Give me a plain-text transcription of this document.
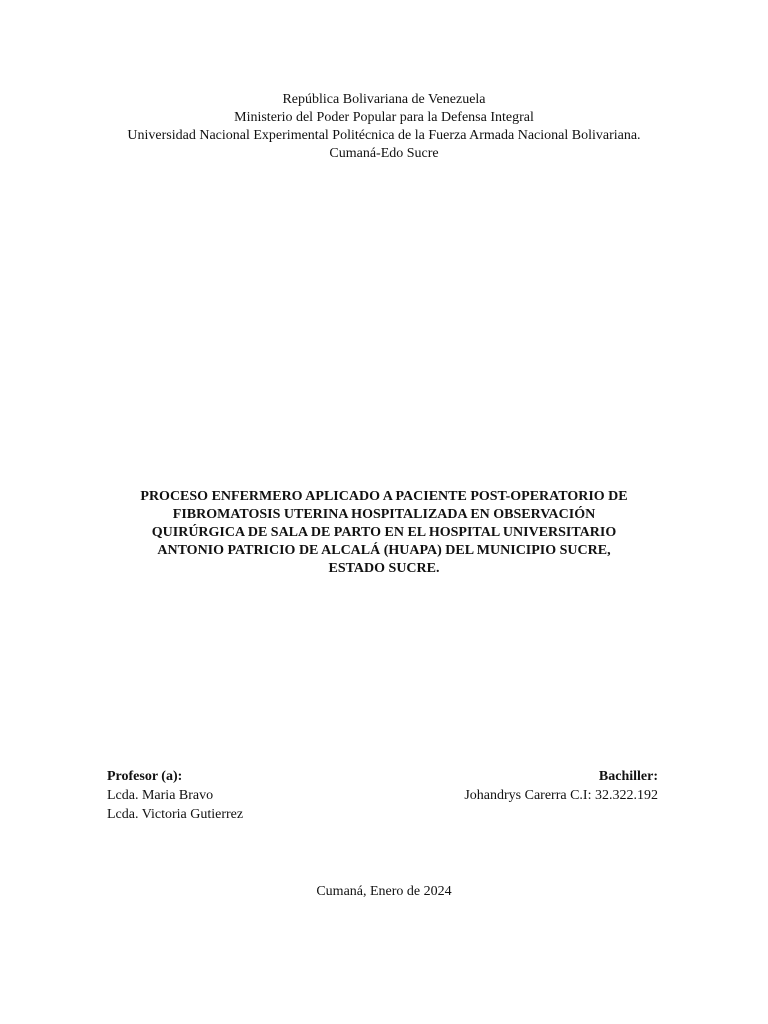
República Bolivariana de Venezuela
Ministerio del Poder Popular para la Defensa Integral
Universidad Nacional Experimental Politécnica de la Fuerza Armada Nacional Bolivariana.
Cumaná-Edo Sucre
PROCESO ENFERMERO APLICADO A PACIENTE POST-OPERATORIO DE
FIBROMATOSIS UTERINA HOSPITALIZADA EN OBSERVACIÓN
QUIRÚRGICA DE SALA DE PARTO EN EL HOSPITAL UNIVERSITARIO
ANTONIO PATRICIO DE ALCALÁ (HUAPA) DEL MUNICIPIO SUCRE,
ESTADO SUCRE.
Profesor (a):
Lcda. Maria Bravo
Lcda. Victoria Gutierrez
Bachiller:
Johandrys Carerra C.I: 32.322.192
Cumaná, Enero de 2024
